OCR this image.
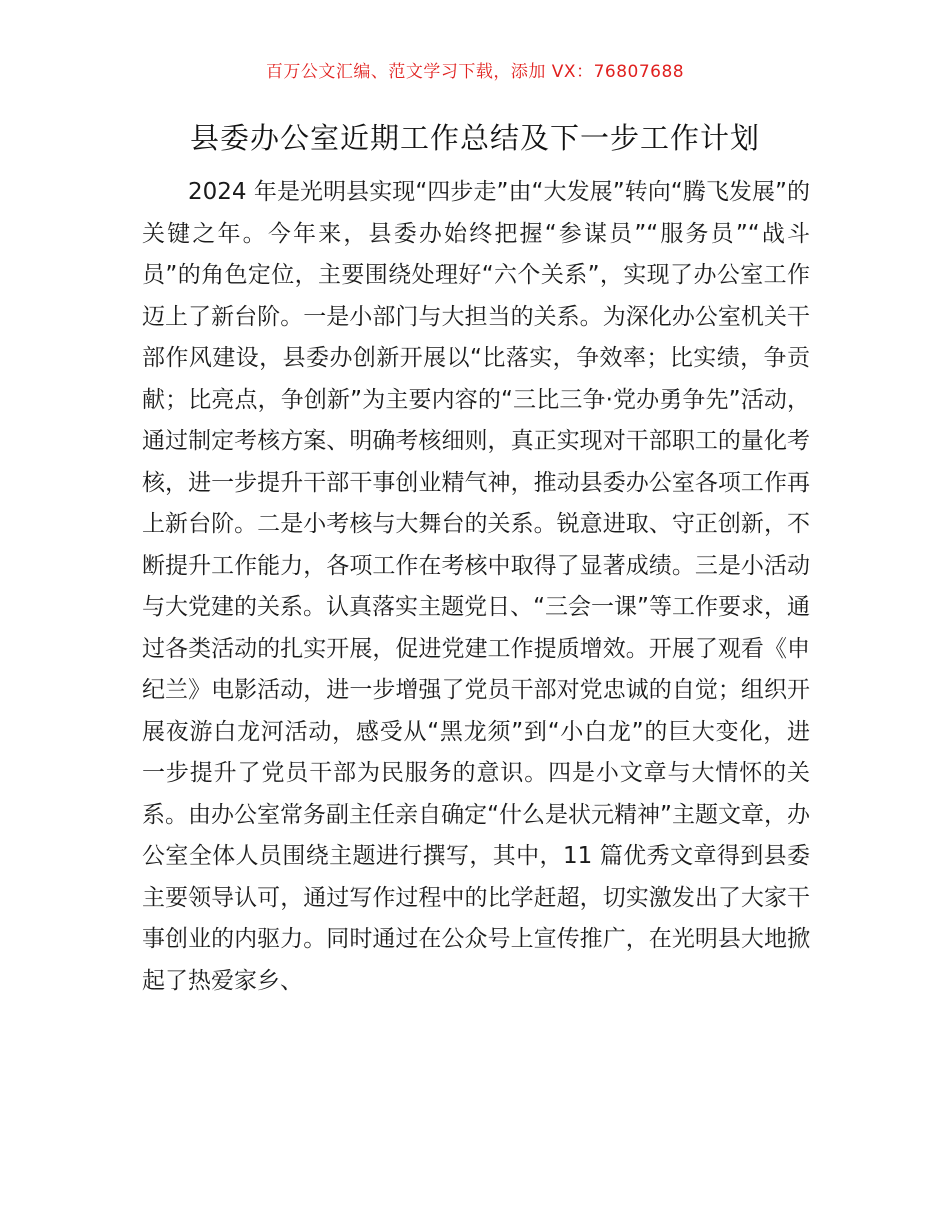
百万公文汇编、范文学习下载，添加 VX：76807688
县委办公室近期工作总结及下一步工作计划

2024 年是光明县实现“四步走”由“大发展”转向“腾飞发展”的关键之年。今年来，县委办始终把握“参谋员”“服务员”“战斗员”的角色定位，主要围绕处理好“六个关系”，实现了办公室工作迈上了新台阶。一是小部门与大担当的关系。为深化办公室机关干部作风建设，县委办创新开展以“比落实，争效率；比实绩，争贡献；比亮点，争创新”为主要内容的“三比三争·党办勇争先”活动，通过制定考核方案、明确考核细则，真正实现对干部职工的量化考核，进一步提升干部干事创业精气神，推动县委办公室各项工作再上新台阶。二是小考核与大舞台的关系。锐意进取、守正创新，不断提升工作能力，各项工作在考核中取得了显著成绩。三是小活动与大党建的关系。认真落实主题党日、“三会一课”等工作要求，通过各类活动的扎实开展，促进党建工作提质增效。开展了观看《申纪兰》电影活动，进一步增强了党员干部对党忠诚的自觉；组织开展夜游白龙河活动，感受从“黑龙须”到“小白龙”的巨大变化，进一步提升了党员干部为民服务的意识。四是小文章与大情怀的关系。由办公室常务副主任亲自确定“什么是状元精神”主题文章，办公室全体人员围绕主题进行撰写，其中，11 篇优秀文章得到县委主要领导认可，通过写作过程中的比学赶超，切实激发出了大家干事创业的内驱力。同时通过在公众号上宣传推广，在光明县大地掀起了热爱家乡、
